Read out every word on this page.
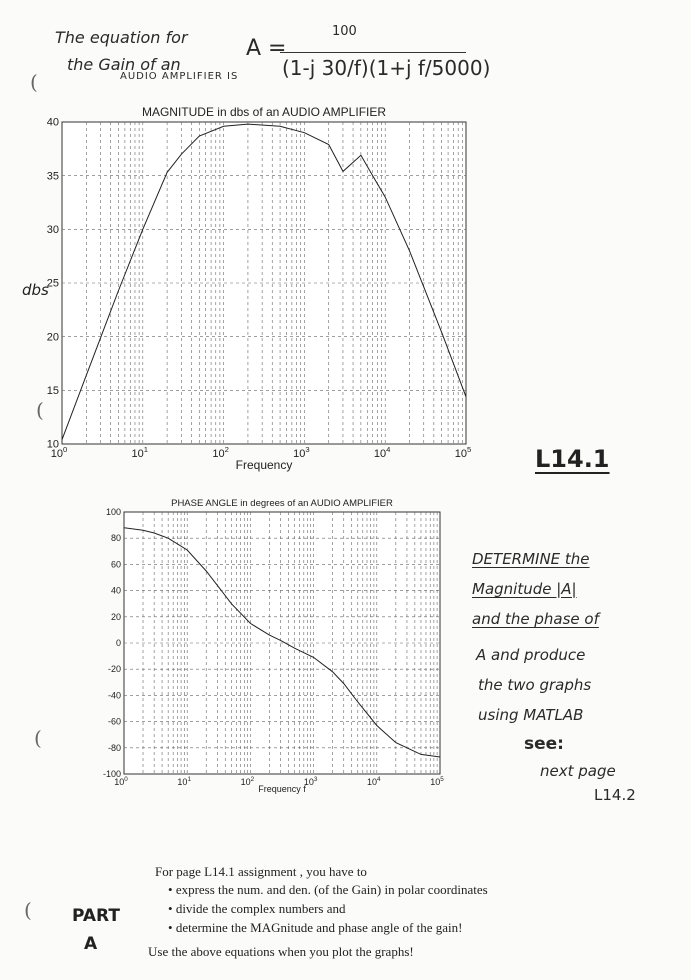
The equation for
the Gain of an
AUDIO AMPLIFIER IS
A =
100
(1-j 30/f)(1+j f/5000)
10
15
20
25
30
35
40
$10^0$	$10^1$	$10^2$	$10^3$	$10^4$	$10^5$
MAGNITUDE in dbs of an AUDIO AMPLIFIER
Frequency
dbs
-100
-80
-60
-40
-20
0
20
40
60
80
100
$10^0$	$10^1$	$10^2$	$10^3$	$10^4$	$10^5$
PHASE ANGLE in degrees of an AUDIO AMPLIFIER
Frequency f
L14.1
DETERMINE the
Magnitude |A|
and the phase of
A and produce
the two graphs
using MATLAB
see:
next page
L14.2
(
(
(
(
For page L14.1 assignment , you have to
• express the num. and den. (of the Gain) in polar coordinates
• divide the complex numbers and
• determine the MAGnitude and phase angle of the gain!
Use the above equations when you plot the graphs!
PART
A
